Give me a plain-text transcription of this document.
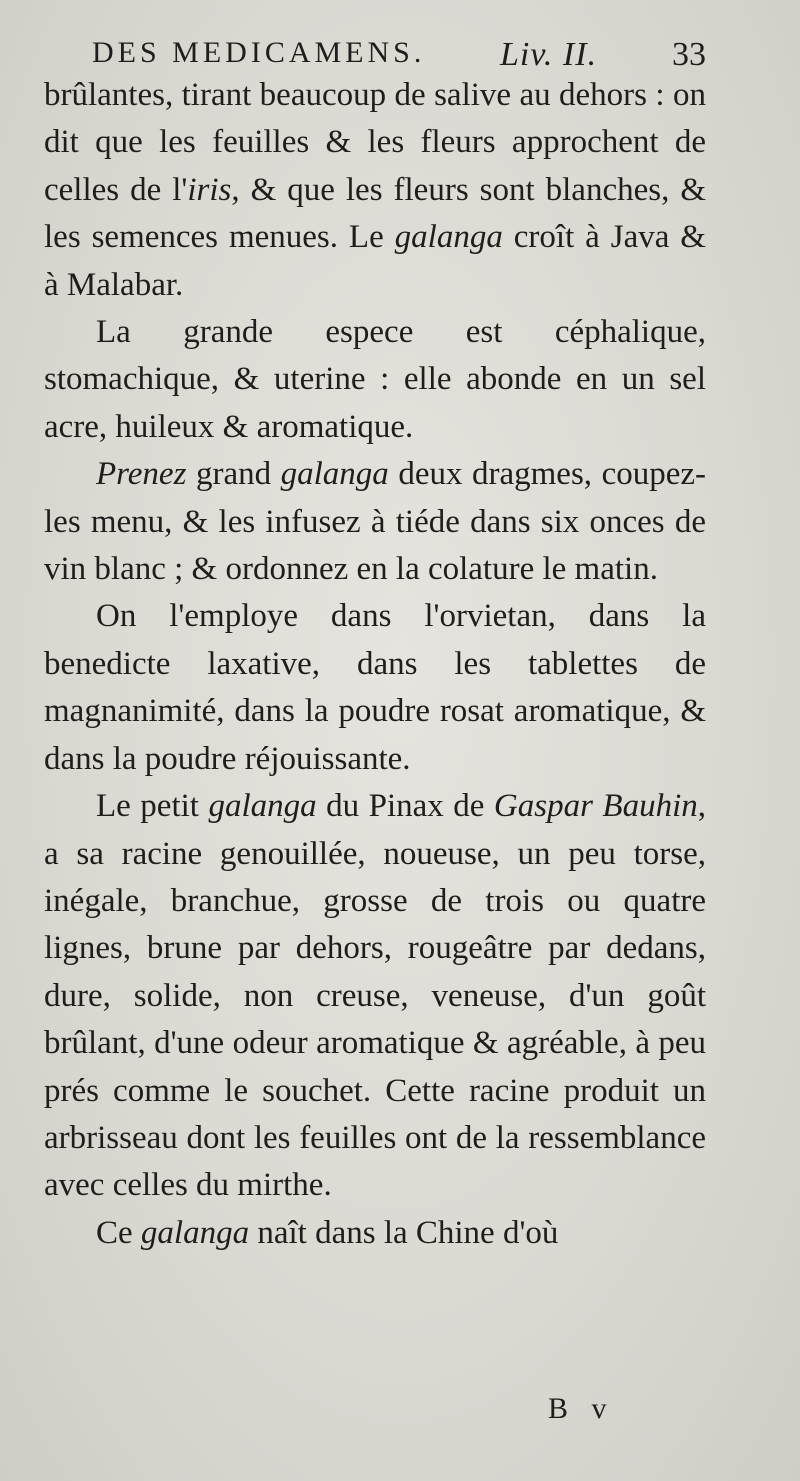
DES MEDICAMENS. Liv. II. 33

brûlantes, tirant beaucoup de salive au dehors : on dit que les feuilles & les fleurs approchent de celles de l'iris, & que les fleurs sont blanches, & les semences menues. Le galanga croît à Java & à Malabar.

La grande espece est céphalique, stomachique, & uterine : elle abonde en un sel acre, huileux & aromatique.

Prenez grand galanga deux dragmes, coupez-les menu, & les infusez à tiéde dans six onces de vin blanc ; & ordonnez en la colature le matin.

On l'employe dans l'orvietan, dans la benedicte laxative, dans les tablettes de magnanimité, dans la poudre rosat aromatique, & dans la poudre réjouissante.

Le petit galanga du Pinax de Gaspar Bauhin, a sa racine genouillée, noueuse, un peu torse, inégale, branchue, grosse de trois ou quatre lignes, brune par dehors, rougeâtre par dedans, dure, solide, non creuse, veneuse, d'un goût brûlant, d'une odeur aromatique & agréable, à peu prés comme le souchet. Cette racine produit un arbrisseau dont les feuilles ont de la ressemblance avec celles du mirthe.

Ce galanga naît dans la Chine d'où

B v
